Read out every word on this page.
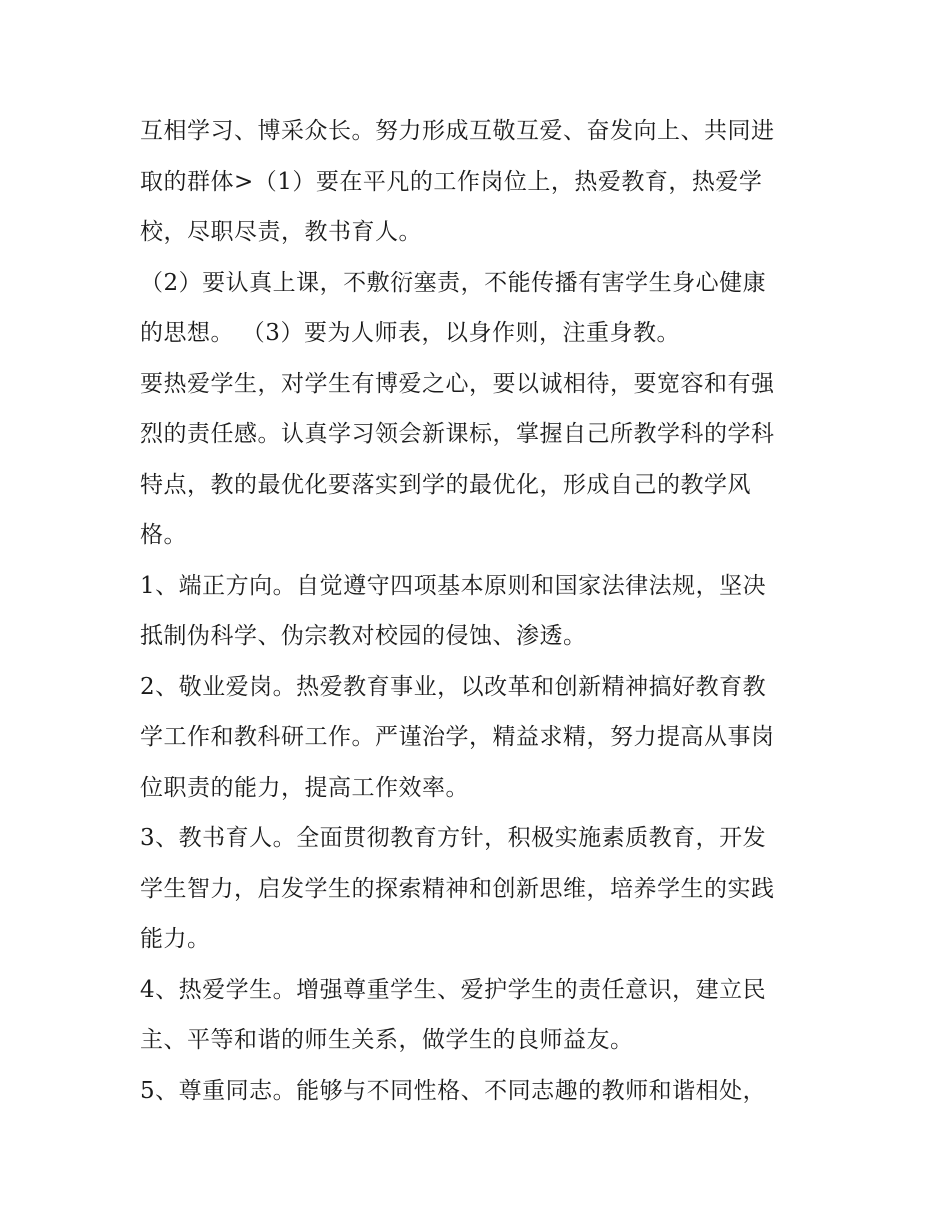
互相学习、博采众长。努力形成互敬互爱、奋发向上、共同进
取的群体>（1）要在平凡的工作岗位上，热爱教育，热爱学
校，尽职尽责，教书育人。
（2）要认真上课，不敷衍塞责，不能传播有害学生身心健康
的思想。 （3）要为人师表，以身作则，注重身教。
要热爱学生，对学生有博爱之心，要以诚相待，要宽容和有强
烈的责任感。认真学习领会新课标，掌握自己所教学科的学科
特点，教的最优化要落实到学的最优化，形成自己的教学风
格。
1、端正方向。自觉遵守四项基本原则和国家法律法规，坚决
抵制伪科学、伪宗教对校园的侵蚀、渗透。
2、敬业爱岗。热爱教育事业，以改革和创新精神搞好教育教
学工作和教科研工作。严谨治学，精益求精，努力提高从事岗
位职责的能力，提高工作效率。
3、教书育人。全面贯彻教育方针，积极实施素质教育，开发
学生智力，启发学生的探索精神和创新思维，培养学生的实践
能力。
4、热爱学生。增强尊重学生、爱护学生的责任意识，建立民
主、平等和谐的师生关系，做学生的良师益友。
5、尊重同志。能够与不同性格、不同志趣的教师和谐相处，
